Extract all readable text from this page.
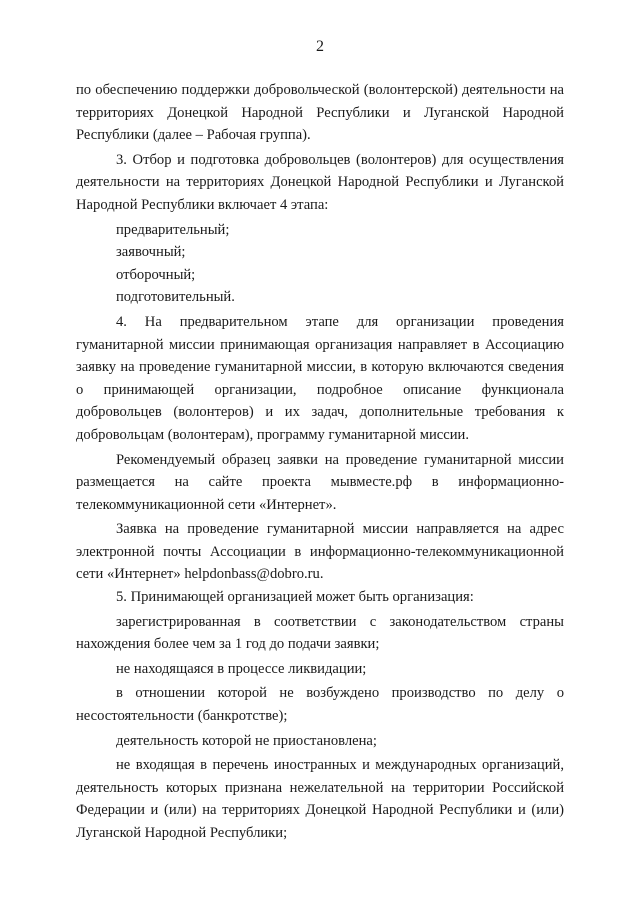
2

по обеспечению поддержки добровольческой (волонтерской) деятельности на территориях Донецкой Народной Республики и Луганской Народной Республики (далее – Рабочая группа).

3. Отбор и подготовка добровольцев (волонтеров) для осуществления деятельности на территориях Донецкой Народной Республики и Луганской Народной Республики включает 4 этапа:

предварительный;

заявочный;

отборочный;

подготовительный.

4. На предварительном этапе для организации проведения гуманитарной миссии принимающая организация направляет в Ассоциацию заявку на проведение гуманитарной миссии, в которую включаются сведения о принимающей организации, подробное описание функционала добровольцев (волонтеров) и их задач, дополнительные требования к добровольцам (волонтерам), программу гуманитарной миссии.

Рекомендуемый образец заявки на проведение гуманитарной миссии размещается на сайте проекта мывместе.рф в информационно-телекоммуникационной сети «Интернет».

Заявка на проведение гуманитарной миссии направляется на адрес электронной почты Ассоциации в информационно-телекоммуникационной сети «Интернет» helpdonbass@dobro.ru.

5. Принимающей организацией может быть организация:

зарегистрированная в соответствии с законодательством страны нахождения более чем за 1 год до подачи заявки;

не находящаяся в процессе ликвидации;

в отношении которой не возбуждено производство по делу о несостоятельности (банкротстве);

деятельность которой не приостановлена;

не входящая в перечень иностранных и международных организаций, деятельность которых признана нежелательной на территории Российской Федерации и (или) на территориях Донецкой Народной Республики и (или) Луганской Народной Республики;
